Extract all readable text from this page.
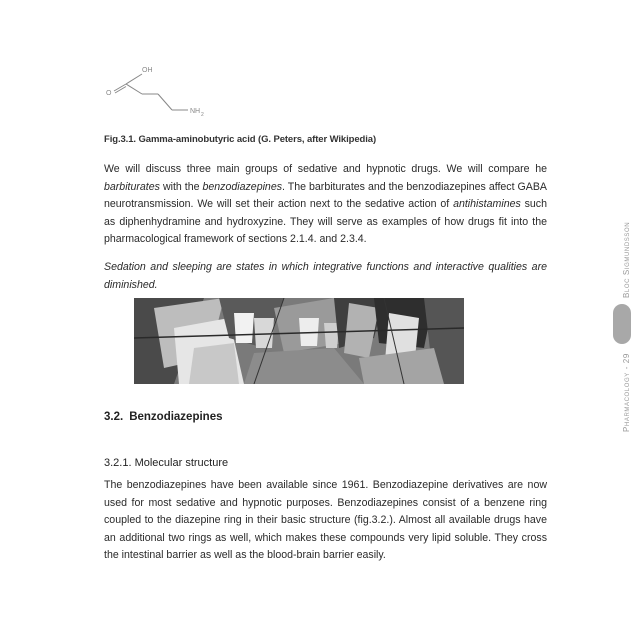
OH
O
NH 2
Fig.3.1. Gamma-aminobutyric acid (G. Peters, after Wikipedia)

We will discuss three main groups of sedative and hypnotic drugs. We will compare he barbiturates with the benzodiazepines. The barbiturates and the benzodiazepines affect GABA neurotransmission. We will set their action next to the sedative action of antihistamines such as diphenhydramine and hydroxyzine. They will serve as examples of how drugs fit into the pharmacological framework of sections 2.1.4. and 2.3.4.

Sedation and sleeping are states in which integrative functions and interactive qualities are diminished.

3.2. Benzodiazepines
3.2.1. Molecular structure

The benzodiazepines have been available since 1961. Benzodiazepine derivatives are now used for most sedative and hypnotic purposes. Benzodiazepines consist of a benzene ring coupled to the diazepine ring in their basic structure (fig.3.2.). Almost all available drugs have an additional two rings as well, which makes these compounds very lipid soluble. They cross the intestinal barrier as well as the blood-brain barrier easily.

Bloc Sigmundsson
Pharmacology - 29
